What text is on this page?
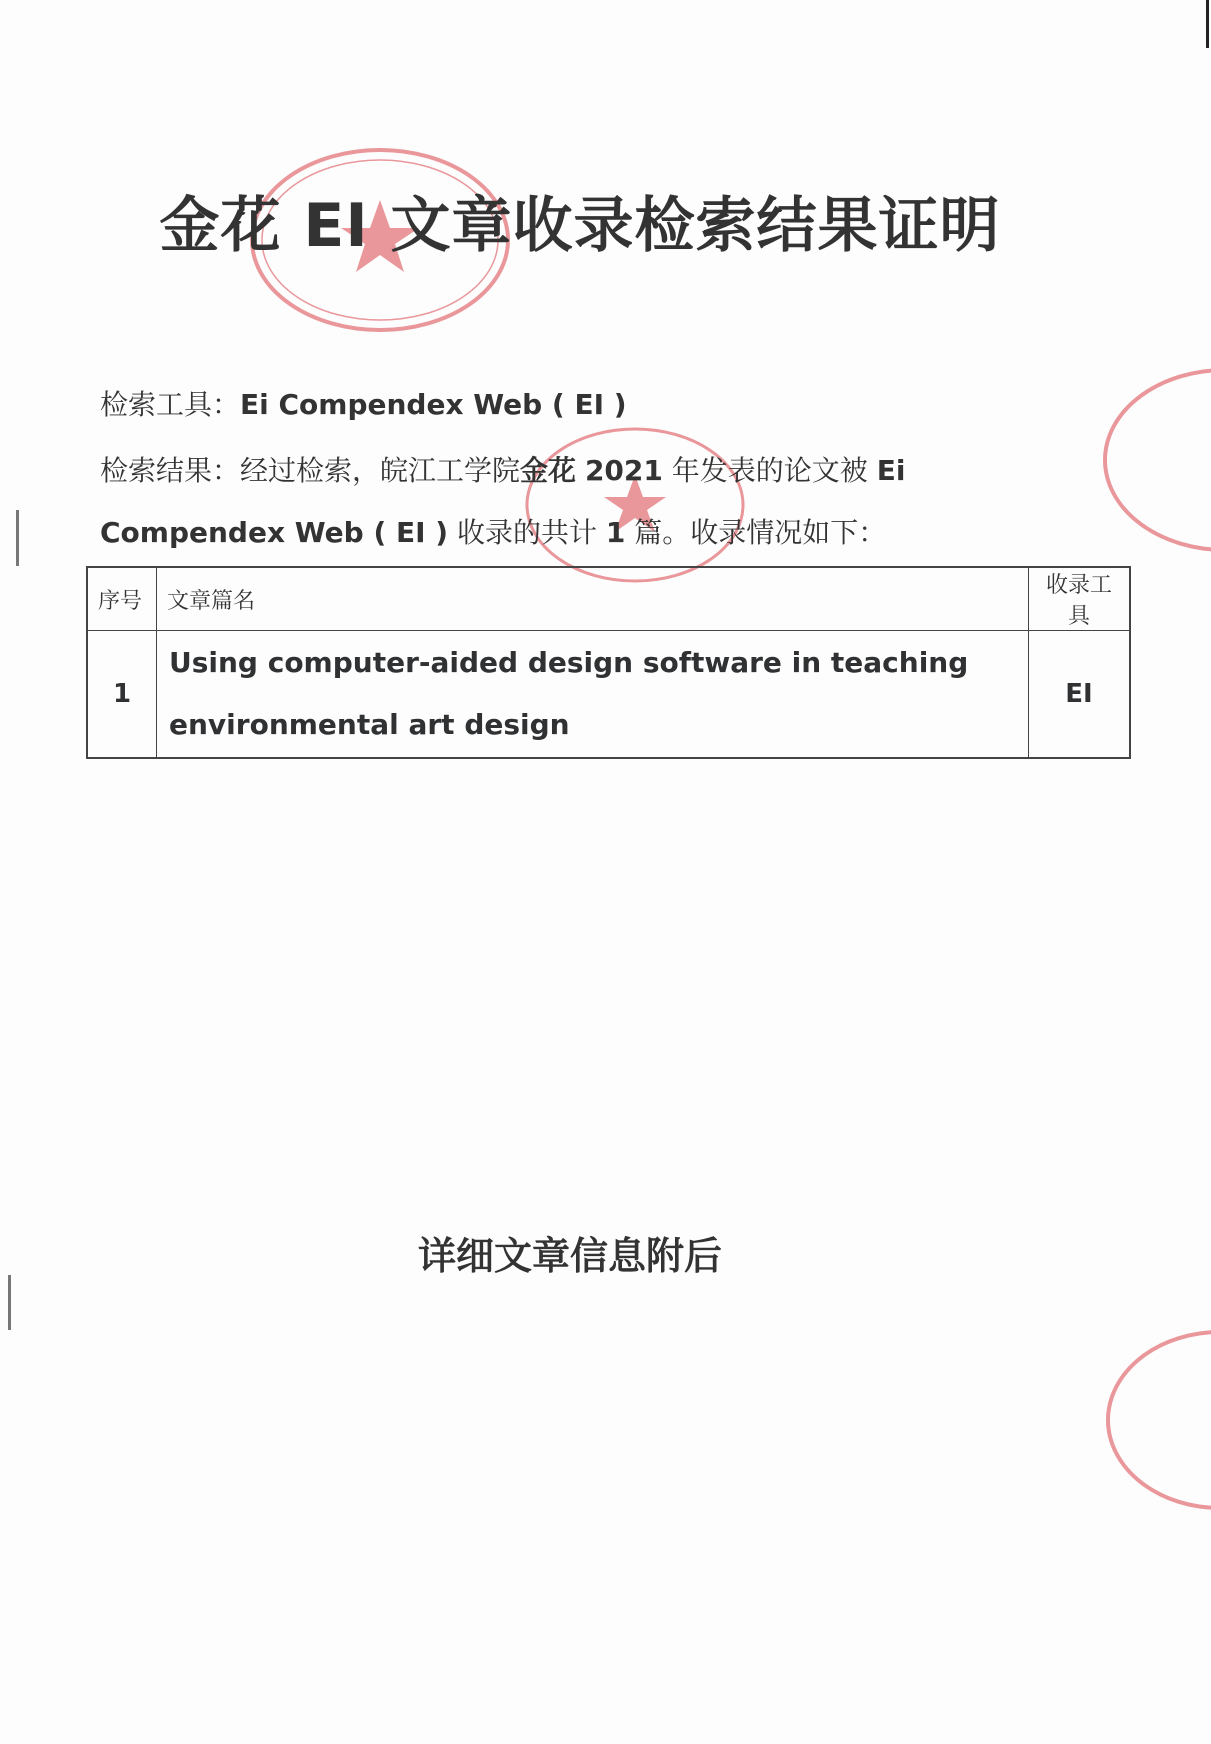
金花 EI 文章收录检索结果证明
检索工具：Ei Compendex Web ( EI )
检索结果：经过检索，皖江工学院金花 2021 年发表的论文被 Ei
Compendex Web ( EI ) 收录的共计 1 篇。收录情况如下：
序号	文章篇名	收录工具
1	Using computer-aided design software in teaching environmental art design	EI
详细文章信息附后
